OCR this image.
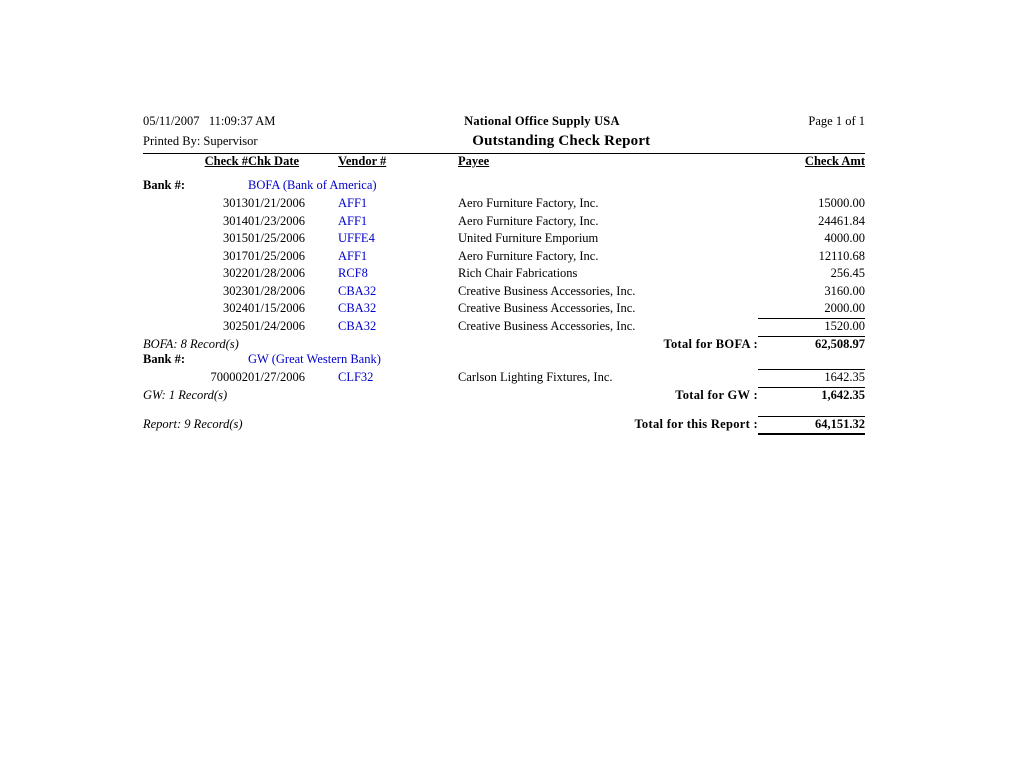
05/11/2007   11:09:37 AM	National Office Supply USA	Page 1 of 1
Printed By: Supervisor	Outstanding Check Report
Check #	Chk Date	Vendor #	Payee	Check Amt
Bank #:	BOFA (Bank of America)			
3013	01/21/2006	AFF1	Aero Furniture Factory, Inc.	15000.00
3014	01/23/2006	AFF1	Aero Furniture Factory, Inc.	24461.84
3015	01/25/2006	UFFE4	United Furniture Emporium	4000.00
3017	01/25/2006	AFF1	Aero Furniture Factory, Inc.	12110.68
3022	01/28/2006	RCF8	Rich Chair Fabrications	256.45
3023	01/28/2006	CBA32	Creative Business Accessories, Inc.	3160.00
3024	01/15/2006	CBA32	Creative Business Accessories, Inc.	2000.00
3025	01/24/2006	CBA32	Creative Business Accessories, Inc.	1520.00
BOFA: 8 Record(s)		Total for BOFA :		62,508.97
Bank #:	GW (Great Western Bank)			
700002	01/27/2006	CLF32	Carlson Lighting Fixtures, Inc.	1642.35
GW: 1 Record(s)		Total for GW :		1,642.35

Report: 9 Record(s)		Total for this Report :		64,151.32
